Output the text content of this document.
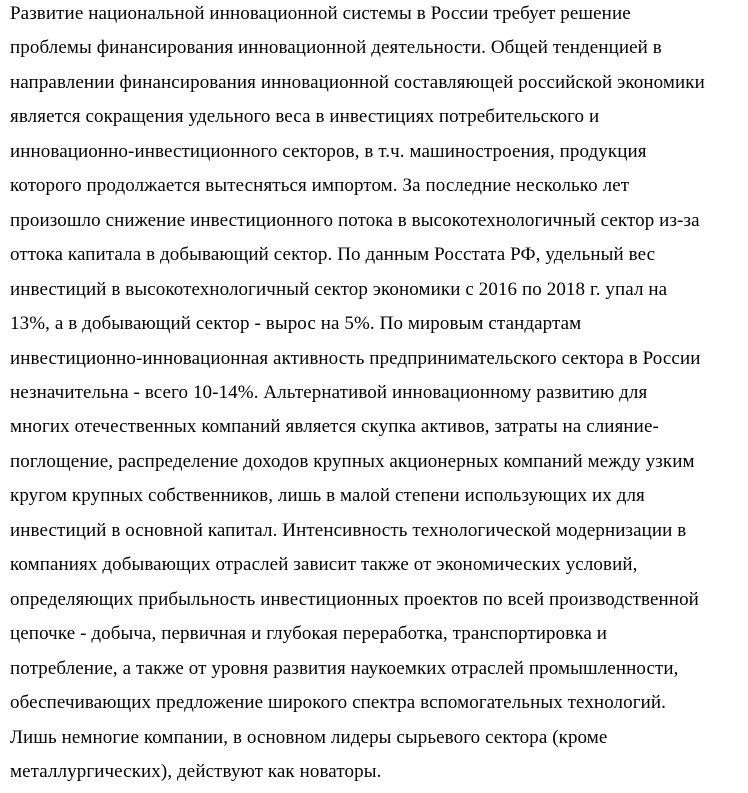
Развитие национальной инновационной системы в России требует решение
проблемы финансирования инновационной деятельности. Общей тенденцией в
направлении финансирования инновационной составляющей российской экономики
является сокращения удельного веса в инвестициях потребительского и
инновационно-инвестиционного секторов, в т.ч. машиностроения, продукция
которого продолжается вытесняться импортом. За последние несколько лет
произошло снижение инвестиционного потока в высокотехнологичный сектор из-за
оттока капитала в добывающий сектор. По данным Росстата РФ, удельный вес
инвестиций в высокотехнологичный сектор экономики с 2016 по 2018 г. упал на
13%, а в добывающий сектор - вырос на 5%. По мировым стандартам
инвестиционно-инновационная активность предпринимательского сектора в России
незначительна - всего 10-14%. Альтернативой инновационному развитию для
многих отечественных компаний является скупка активов, затраты на слияние-
поглощение, распределение доходов крупных акционерных компаний между узким
кругом крупных собственников, лишь в малой степени использующих их для
инвестиций в основной капитал. Интенсивность технологической модернизации в
компаниях добывающих отраслей зависит также от экономических условий,
определяющих прибыльность инвестиционных проектов по всей производственной
цепочке - добыча, первичная и глубокая переработка, транспортировка и
потребление, а также от уровня развития наукоемких отраслей промышленности,
обеспечивающих предложение широкого спектра вспомогательных технологий.
Лишь немногие компании, в основном лидеры сырьевого сектора (кроме
металлургических), действуют как новаторы.
